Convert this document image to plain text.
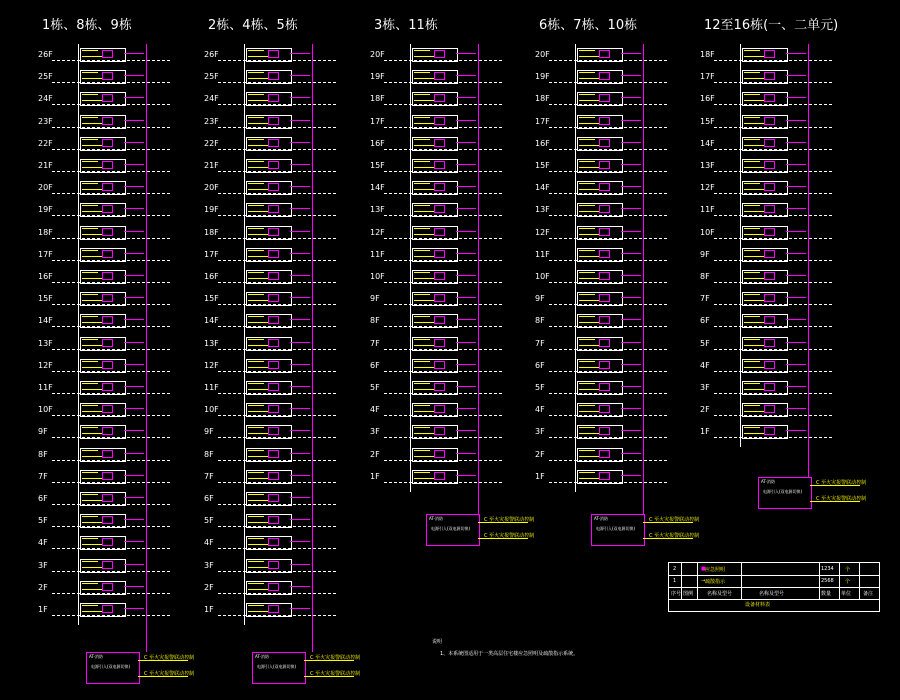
1栋、8栋、9栋
26F
25F
24F
23F
22F
21F
20F
19F
18F
17F
16F
15F
14F
13F
12F
11F
10F
9F
8F
7F
6F
5F
4F
3F
2F
1F
AT-消防
电源引入(双电源切换)
C 至火灾报警联动控制
C 至火灾报警联动控制
2栋、4栋、5栋
26F
25F
24F
23F
22F
21F
20F
19F
18F
17F
16F
15F
14F
13F
12F
11F
10F
9F
8F
7F
6F
5F
4F
3F
2F
1F
AT-消防
电源引入(双电源切换)
C 至火灾报警联动控制
C 至火灾报警联动控制
3栋、11栋
20F
19F
18F
17F
16F
15F
14F
13F
12F
11F
10F
9F
8F
7F
6F
5F
4F
3F
2F
1F
AT-消防
电源引入(双电源切换)
C 至火灾报警联动控制
C 至火灾报警联动控制
6栋、7栋、10栋
20F
19F
18F
17F
16F
15F
14F
13F
12F
11F
10F
9F
8F
7F
6F
5F
4F
3F
2F
1F
AT-消防
电源引入(双电源切换)
C 至火灾报警联动控制
C 至火灾报警联动控制
12至16栋(一、二单元)
18F
17F
16F
15F
14F
13F
12F
11F
10F
9F
8F
7F
6F
5F
4F
3F
2F
1F
AT-消防
电源引入(双电源切换)
C 至火灾报警联动控制
C 至火灾报警联动控制
2	■ 应急照明	1234 个
1	→ 疏散指示	2568 个
序号 图例	名称及型号	名称及型号	数量 单位 备注
设备材料表
说明
1、本系统图适用于一类高层住宅楼应急照明及疏散指示系统。
